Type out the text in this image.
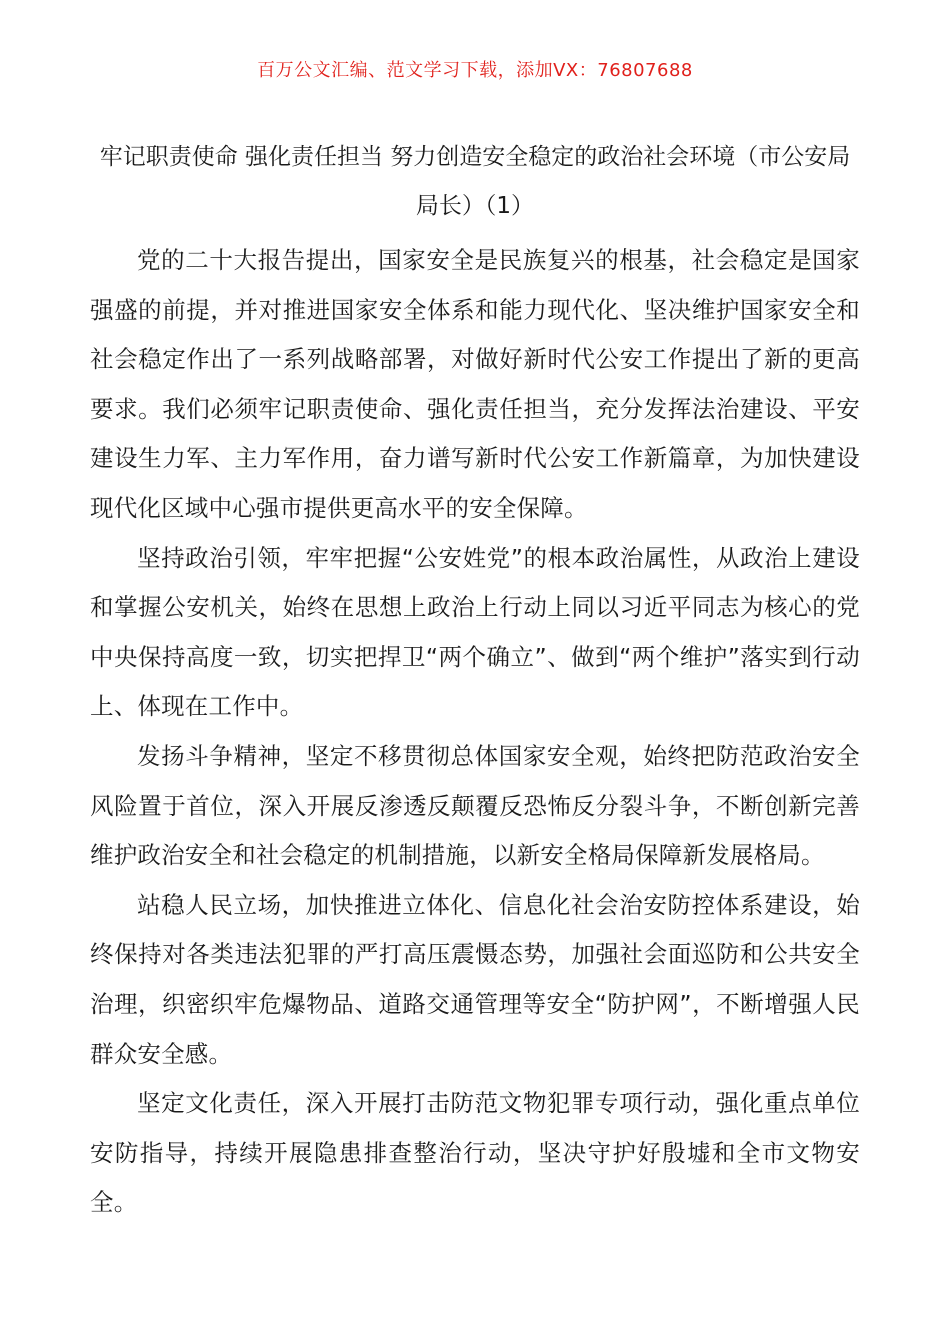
百万公文汇编、范文学习下载，添加VX：76807688
牢记职责使命 强化责任担当 努力创造安全稳定的政治社会环境（市公安局局长）（1）

党的二十大报告提出，国家安全是民族复兴的根基，社会稳定是国家强盛的前提，并对推进国家安全体系和能力现代化、坚决维护国家安全和社会稳定作出了一系列战略部署，对做好新时代公安工作提出了新的更高要求。我们必须牢记职责使命、强化责任担当，充分发挥法治建设、平安建设生力军、主力军作用，奋力谱写新时代公安工作新篇章，为加快建设现代化区域中心强市提供更高水平的安全保障。

坚持政治引领，牢牢把握“公安姓党”的根本政治属性，从政治上建设和掌握公安机关，始终在思想上政治上行动上同以习近平同志为核心的党中央保持高度一致，切实把捍卫“两个确立”、做到“两个维护”落实到行动上、体现在工作中。

发扬斗争精神，坚定不移贯彻总体国家安全观，始终把防范政治安全风险置于首位，深入开展反渗透反颠覆反恐怖反分裂斗争，不断创新完善维护政治安全和社会稳定的机制措施，以新安全格局保障新发展格局。

站稳人民立场，加快推进立体化、信息化社会治安防控体系建设，始终保持对各类违法犯罪的严打高压震慑态势，加强社会面巡防和公共安全治理，织密织牢危爆物品、道路交通管理等安全“防护网”，不断增强人民群众安全感。

坚定文化责任，深入开展打击防范文物犯罪专项行动，强化重点单位安防指导，持续开展隐患排查整治行动，坚决守护好殷墟和全市文物安全。
